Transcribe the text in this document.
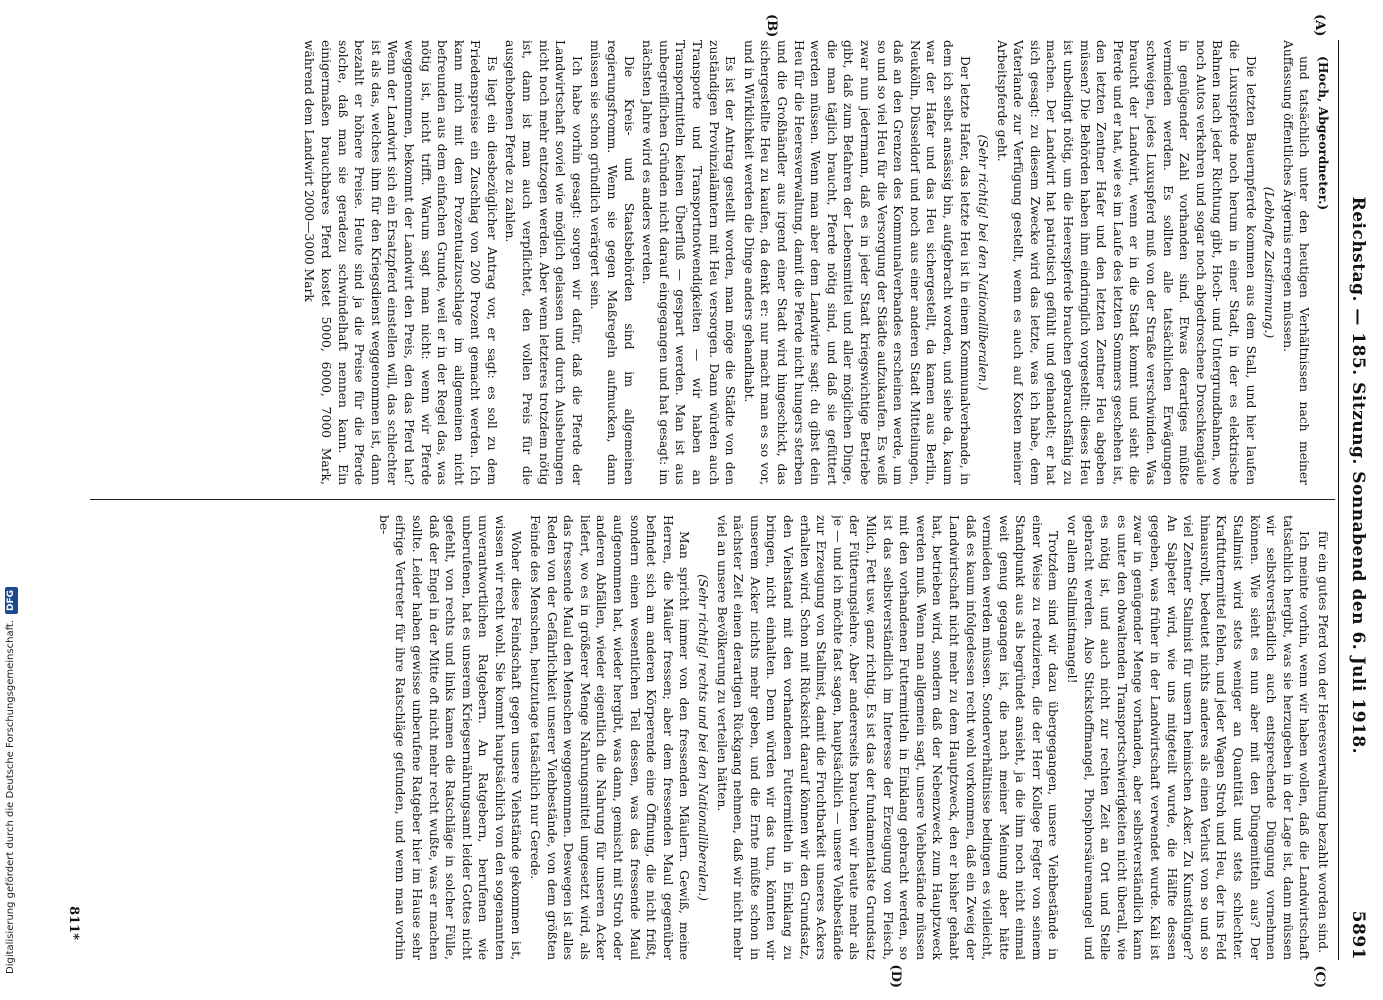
Digitalisierung gefördert durch die Deutsche Forschungsgemeinschaft.
DFG	Reichstag. — 185. Sitzung. Sonnabend den 6. Juli 1918.
5891
(A)
(B)
(C)
(D)

(Hoch, Abgeordneter.)

und tatsächlich unter den heutigen Verhältnissen nach meiner Auffassung öffentliches Ärgernis erregen müssen.

(Lebhafte Zustimmung.)

Die letzten Bauernpferde kommen aus dem Stall, und hier laufen die Luxuspferde noch herum in einer Stadt, in der es elektrische Bahnen nach jeder Richtung gibt, Hoch- und Untergrundbahnen, wo noch Autos verkehren und sogar noch abgedroschene Droschkengäule in genügender Zahl vorhanden sind. Etwas derartiges müßte vermieden werden. Es sollten alle tatsächlichen Erwägungen schweigen, jedes Luxuspferd muß von der Straße verschwinden. Was braucht der Landwirt, wenn er in die Stadt kommt und sieht die Pferde und er hat, wie es im Laufe des letzten Sommers geschehen ist, den letzten Zentner Hafer und den letzten Zentner Heu abgeben müssen? Die Behörden haben ihm eindringlich vorgestellt: dieses Heu ist unbedingt nötig, um die Heerespferde brauchen gebrauchsfähig zu machen. Der Landwirt hat patriotisch gefühlt und gehandelt; er hat sich gesagt: zu diesem Zwecke wird das letzte, was ich habe, dem Vaterlande zur Verfügung gestellt, wenn es auch auf Kosten meiner Arbeitspferde geht.

(Sehr richtig! bei den Nationalliberalen.)

Der letzte Hafer, das letzte Heu ist in einem Kommunalverbande, in dem ich selbst ansässig bin, aufgebracht worden, und siehe da, kaum war der Hafer und das Heu sichergestellt, da kamen aus Berlin, Neukölln, Düsseldorf und noch aus einer anderen Stadt Mitteilungen, daß an den Grenzen des Kommunalverbandes erscheinen werde, um so und so viel Heu für die Versorgung der Städte aufzukaufen. Es weiß zwar nun jedermann, daß es in jeder Stadt kriegswichtige Betriebe gibt, daß zum Befahren der Lebensmittel und aller möglichen Dinge, die man täglich braucht, Pferde nötig sind, und daß sie gefüttert werden müssen. Wenn man aber dem Landwirte sagt: du gibst dein Heu für die Heeresverwaltung, damit die Pferde nicht hungers sterben und die Großhändler aus irgend einer Stadt wird hingeschickt, das sichergestellte Heu zu kaufen, da denkt er: nur macht man es so vor, und in Wirklichkeit werden die Dinge anders gehandhabt.

Es ist der Antrag gestellt worden, man möge die Städte von den zuständigen Provinzialämtern mit Heu versorgen. Dann würden auch Transporte und Transportnotwendigkeiten — wir haben an Transportmitteln keinen Überfluß — gespart werden. Man ist aus unbegreiflichen Gründen nicht darauf eingegangen und hat gesagt: im nächsten Jahre wird es anders werden.

Die Kreis- und Staatsbehörden sind im allgemeinen regierungsfromm. Wenn sie gegen Maßregeln aufmucken, dann müssen sie schon gründlich verärgert sein.

Ich habe vorhin gesagt: sorgen wir dafür, daß die Pferde der Landwirtschaft soviel wie möglich gelassen und durch Aushebungen nicht noch mehr entzogen werden. Aber wenn letzteres trotzdem nötig ist, dann ist man auch verpflichtet, den vollen Preis für die ausgehobenen Pferde zu zahlen.

Es liegt ein diesbezüglicher Antrag vor, er sagt: es soll zu dem Friedenspreise ein Zuschlag von 200 Prozent gemacht werden. Ich kann mich mit dem Prozentualzuschlage im allgemeinen nicht befreunden aus dem einfachen Grunde, weil er in der Regel das, was nötig ist, nicht trifft. Warum sagt man nicht: wenn wir Pferde weggenommen, bekommt der Landwirt den Preis, den das Pferd hat? Wenn der Landwirt sich ein Ersatzpferd einstellen will, das schlechter ist als das, welches ihm für den Kriegsdienst weggenommen ist, dann bezahlt er höhere Preise. Heute sind ja die Preise für die Pferde solche, daß man sie geradezu schwindelhaft nennen kann. Ein einigermaßen brauchbares Pferd kostet 5000, 6000, 7000 Mark, während dem Landwirt 2000—3000 Mark

für ein gutes Pferd von der Heeresverwaltung bezahlt worden sind.

Ich meinte vorhin, wenn wir haben wollen, daß die Landwirtschaft tatsächlich hergibt, was sie herzugeben in der Lage ist, dann müssen wir selbstverständlich auch entsprechende Düngung vornehmen können. Wie sieht es nun aber mit den Düngemitteln aus? Der Stallmist wird stets weniger an Quantität und stets schlechter. Kraftfuttermittel fehlen, und jeder Wagen Stroh und Heu, der ins Feld hinausrollt, bedeutet nichts anderes als einen Verlust von so und so viel Zentner Stallmist für unsern heimischen Acker. Zu Kunstdünger? An Salpeter wird, wie uns mitgeteilt wurde, die Hälfte dessen gegeben, was früher in der Landwirtschaft verwendet wurde. Kali ist zwar in genügender Menge vorhanden, aber selbstverständlich kann es unter den obwaltenden Transportschwierigkeiten nicht überall, wie es nötig ist, und auch nicht zur rechten Zeit an Ort und Stelle gebracht werden. Also Stickstoffmangel, Phosphorsäuremangel und vor allem Stallmistmangel!

Trotzdem sind wir dazu übergegangen, unsere Viehbestände in einer Weise zu reduzieren, die der Herr Kollege Fegter von seinem Standpunkt aus als begründet ansieht, ja die ihm noch nicht einmal weit genug gegangen ist, die nach meiner Meinung aber hätte vermieden werden müssen. Sonderverhältnisse bedingen es vielleicht, daß es kaum infolgedessen recht wohl vorkommen, daß ein Zweig der Landwirtschaft nicht mehr zu dem Hauptzweck, den er bisher gehabt hat, betrieben wird, sondern daß der Nebenzweck zum Hauptzweck werden muß. Wenn man allgemein sagt, unsere Viehbestände müssen mit den vorhandenen Futtermitteln in Einklang gebracht werden, so ist das selbstverständlich im Interesse der Erzeugung von Fleisch, Milch, Fett usw. ganz richtig. Es ist das der fundamentalste Grundsatz der Fütterungslehre. Aber andererseits brauchen wir heute mehr als je — und ich möchte fast sagen, hauptsächlich — unsere Viehbestände zur Erzeugung von Stallmist, damit die Fruchtbarkeit unseres Ackers erhalten wird. Schon mit Rücksicht darauf können wir den Grundsatz, den Viehstand mit den vorhandenen Futtermitteln in Einklang zu bringen, nicht einhalten. Denn würden wir das tun, könnten wir unserem Acker nichts mehr geben, und die Ernte müßte schon in nächster Zeit einen derartigen Rückgang nehmen, daß wir nicht mehr viel an unsere Bevölkerung zu verteilen hätten.

(Sehr richtig! rechts und bei den Nationalliberalen.)

Man spricht immer von den fressenden Mäulern. Gewiß, meine Herren, die Mäuler fressen; aber dem fressenden Maul gegenüber befindet sich am anderen Körperende eine Öffnung, die nicht frißt, sondern einen wesentlichen Teil dessen, was das fressende Maul aufgenommen hat, wieder hergibt, was dann, gemischt mit Stroh oder anderen Abfällen, wieder eigentlich die Nahrung für unseren Acker liefert, wo es in größerer Menge Nahrungsmittel umgesetzt wird, als das fressende Maul den Menschen weggenommen. Deswegen ist alles Reden von der Gefährlichkeit unserer Viehbestände, von dem größten Feinde des Menschen, heutzutage tatsächlich nur Gerede.

Woher diese Feindschaft gegen unsere Viehstände gekommen ist, wissen wir recht wohl. Sie kommt hauptsächlich von den sogenannten unverantwortlichen Ratgebern. An Ratgebern, berufenen wie unberufenen, hat es unserem Kriegsernährungsamt leider Gottes nicht gefehlt, von rechts und links kamen die Ratschläge in solcher Fülle, daß der Engel in der Mitte oft nicht mehr recht wußte, was er machen sollte. Leider haben gewisse unberufene Ratgeber hier im Hause sehr eifrige Vertreter für ihre Ratschläge gefunden, und wenn man vorhin be-

811*
